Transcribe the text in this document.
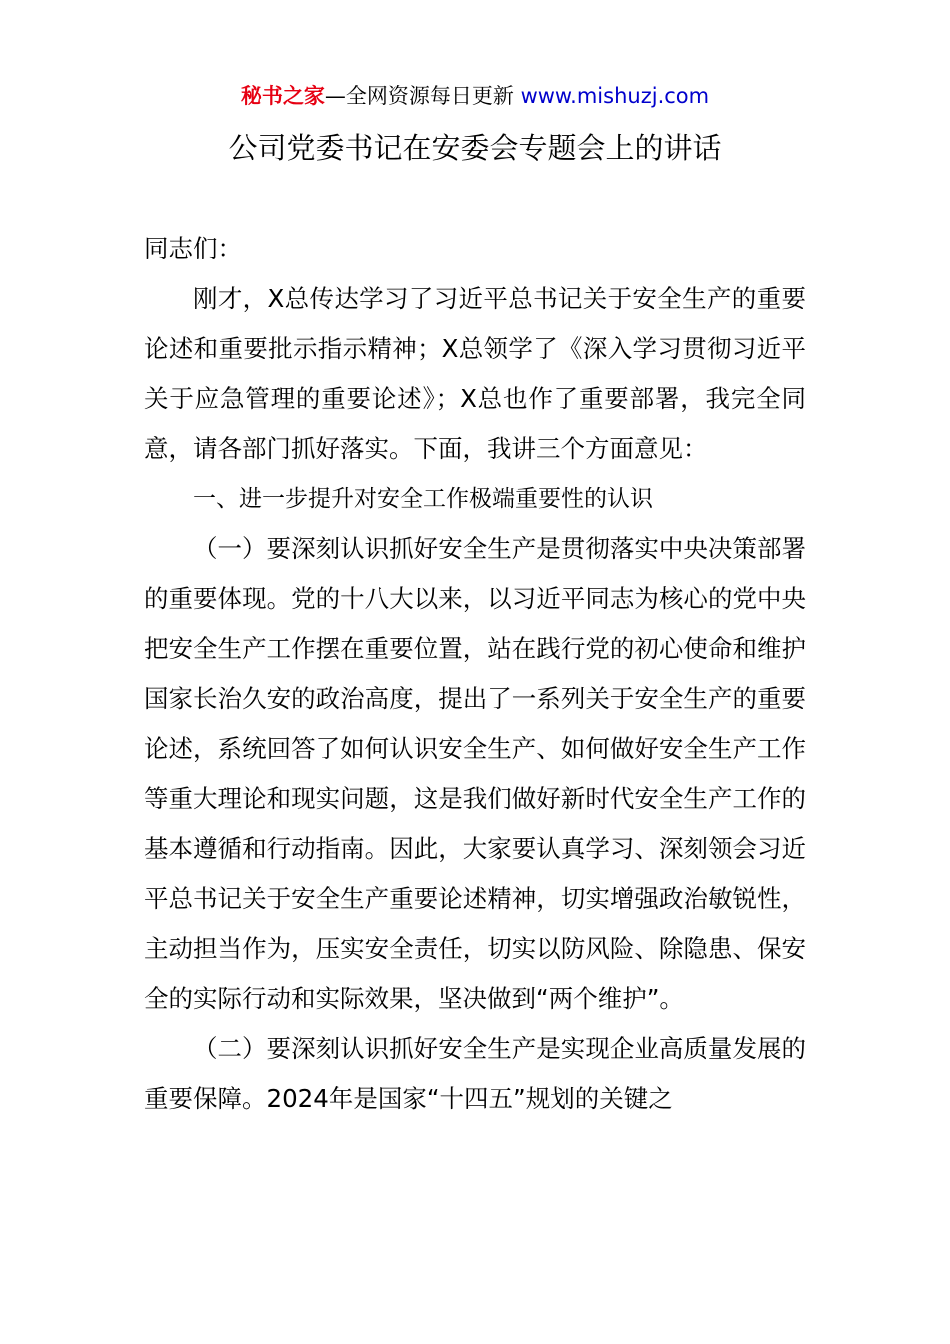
秘书之家—全网资源每日更新 www.mishuzj.com
公司党委书记在安委会专题会上的讲话

同志们：

刚才，X总传达学习了习近平总书记关于安全生产的重要论述和重要批示指示精神；X总领学了《深入学习贯彻习近平关于应急管理的重要论述》；X总也作了重要部署，我完全同意，请各部门抓好落实。下面，我讲三个方面意见：

一、进一步提升对安全工作极端重要性的认识

（一）要深刻认识抓好安全生产是贯彻落实中央决策部署的重要体现。党的十八大以来，以习近平同志为核心的党中央把安全生产工作摆在重要位置，站在践行党的初心使命和维护国家长治久安的政治高度，提出了一系列关于安全生产的重要论述，系统回答了如何认识安全生产、如何做好安全生产工作等重大理论和现实问题，这是我们做好新时代安全生产工作的基本遵循和行动指南。因此，大家要认真学习、深刻领会习近平总书记关于安全生产重要论述精神，切实增强政治敏锐性，主动担当作为，压实安全责任，切实以防风险、除隐患、保安全的实际行动和实际效果，坚决做到“两个维护”。

（二）要深刻认识抓好安全生产是实现企业高质量发展的重要保障。2024年是国家“十四五”规划的关键之
